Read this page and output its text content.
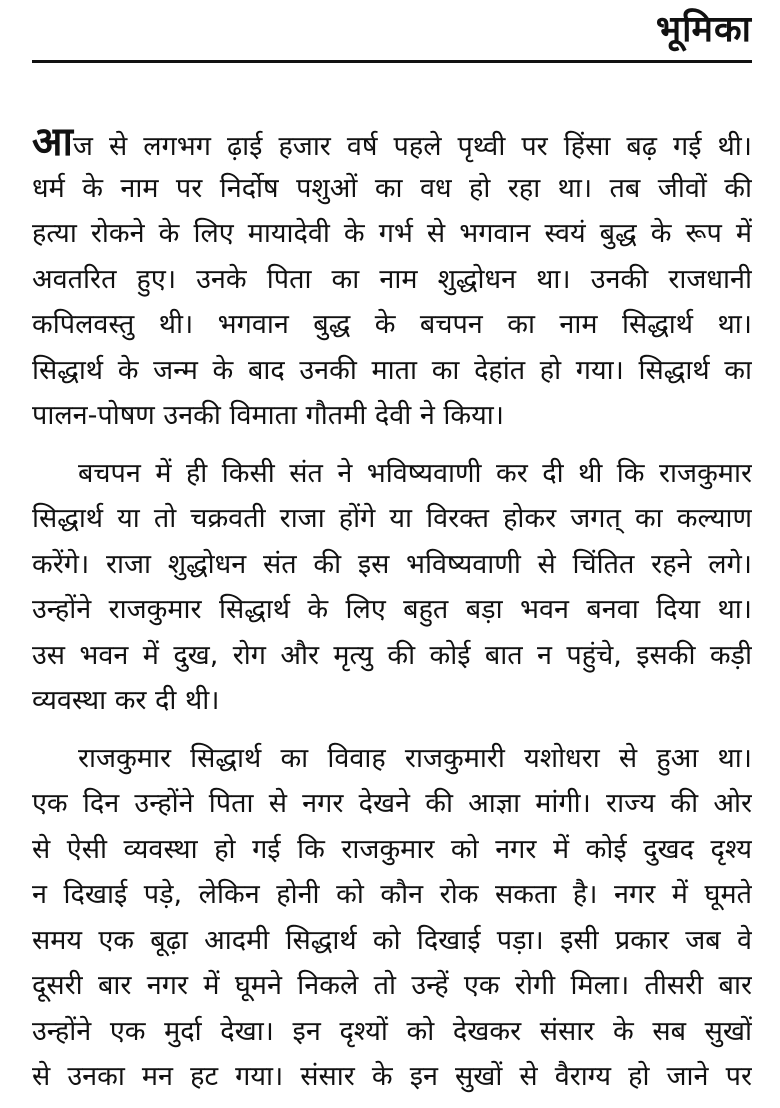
भूमिका
आज से लगभग ढ़ाई हजार वर्ष पहले पृथ्वी पर हिंसा बढ़ गई थी।
धर्म के नाम पर निर्दोष पशुओं का वध हो रहा था। तब जीवों की
हत्या रोकने के लिए मायादेवी के गर्भ से भगवान स्वयं बुद्ध के रूप में
अवतरित हुए। उनके पिता का नाम शुद्धोधन था। उनकी राजधानी
कपिलवस्तु थी। भगवान बुद्ध के बचपन का नाम सिद्धार्थ था।
सिद्धार्थ के जन्म के बाद उनकी माता का देहांत हो गया। सिद्धार्थ का
पालन-पोषण उनकी विमाता गौतमी देवी ने किया।
बचपन में ही किसी संत ने भविष्यवाणी कर दी थी कि राजकुमार
सिद्धार्थ या तो चक्रवती राजा होंगे या विरक्त होकर जगत् का कल्याण
करेंगे। राजा शुद्धोधन संत की इस भविष्यवाणी से चिंतित रहने लगे।
उन्होंने राजकुमार सिद्धार्थ के लिए बहुत बड़ा भवन बनवा दिया था।
उस भवन में दुख, रोग और मृत्यु की कोई बात न पहुंचे, इसकी कड़ी
व्यवस्था कर दी थी।
राजकुमार सिद्धार्थ का विवाह राजकुमारी यशोधरा से हुआ था।
एक दिन उन्होंने पिता से नगर देखने की आज्ञा मांगी। राज्य की ओर
से ऐसी व्यवस्था हो गई कि राजकुमार को नगर में कोई दुखद दृश्य
न दिखाई पड़े, लेकिन होनी को कौन रोक सकता है। नगर में घूमते
समय एक बूढ़ा आदमी सिद्धार्थ को दिखाई पड़ा। इसी प्रकार जब वे
दूसरी बार नगर में घूमने निकले तो उन्हें एक रोगी मिला। तीसरी बार
उन्होंने एक मुर्दा देखा। इन दृश्यों को देखकर संसार के सब सुखों
से उनका मन हट गया। संसार के इन सुखों से वैराग्य हो जाने पर
